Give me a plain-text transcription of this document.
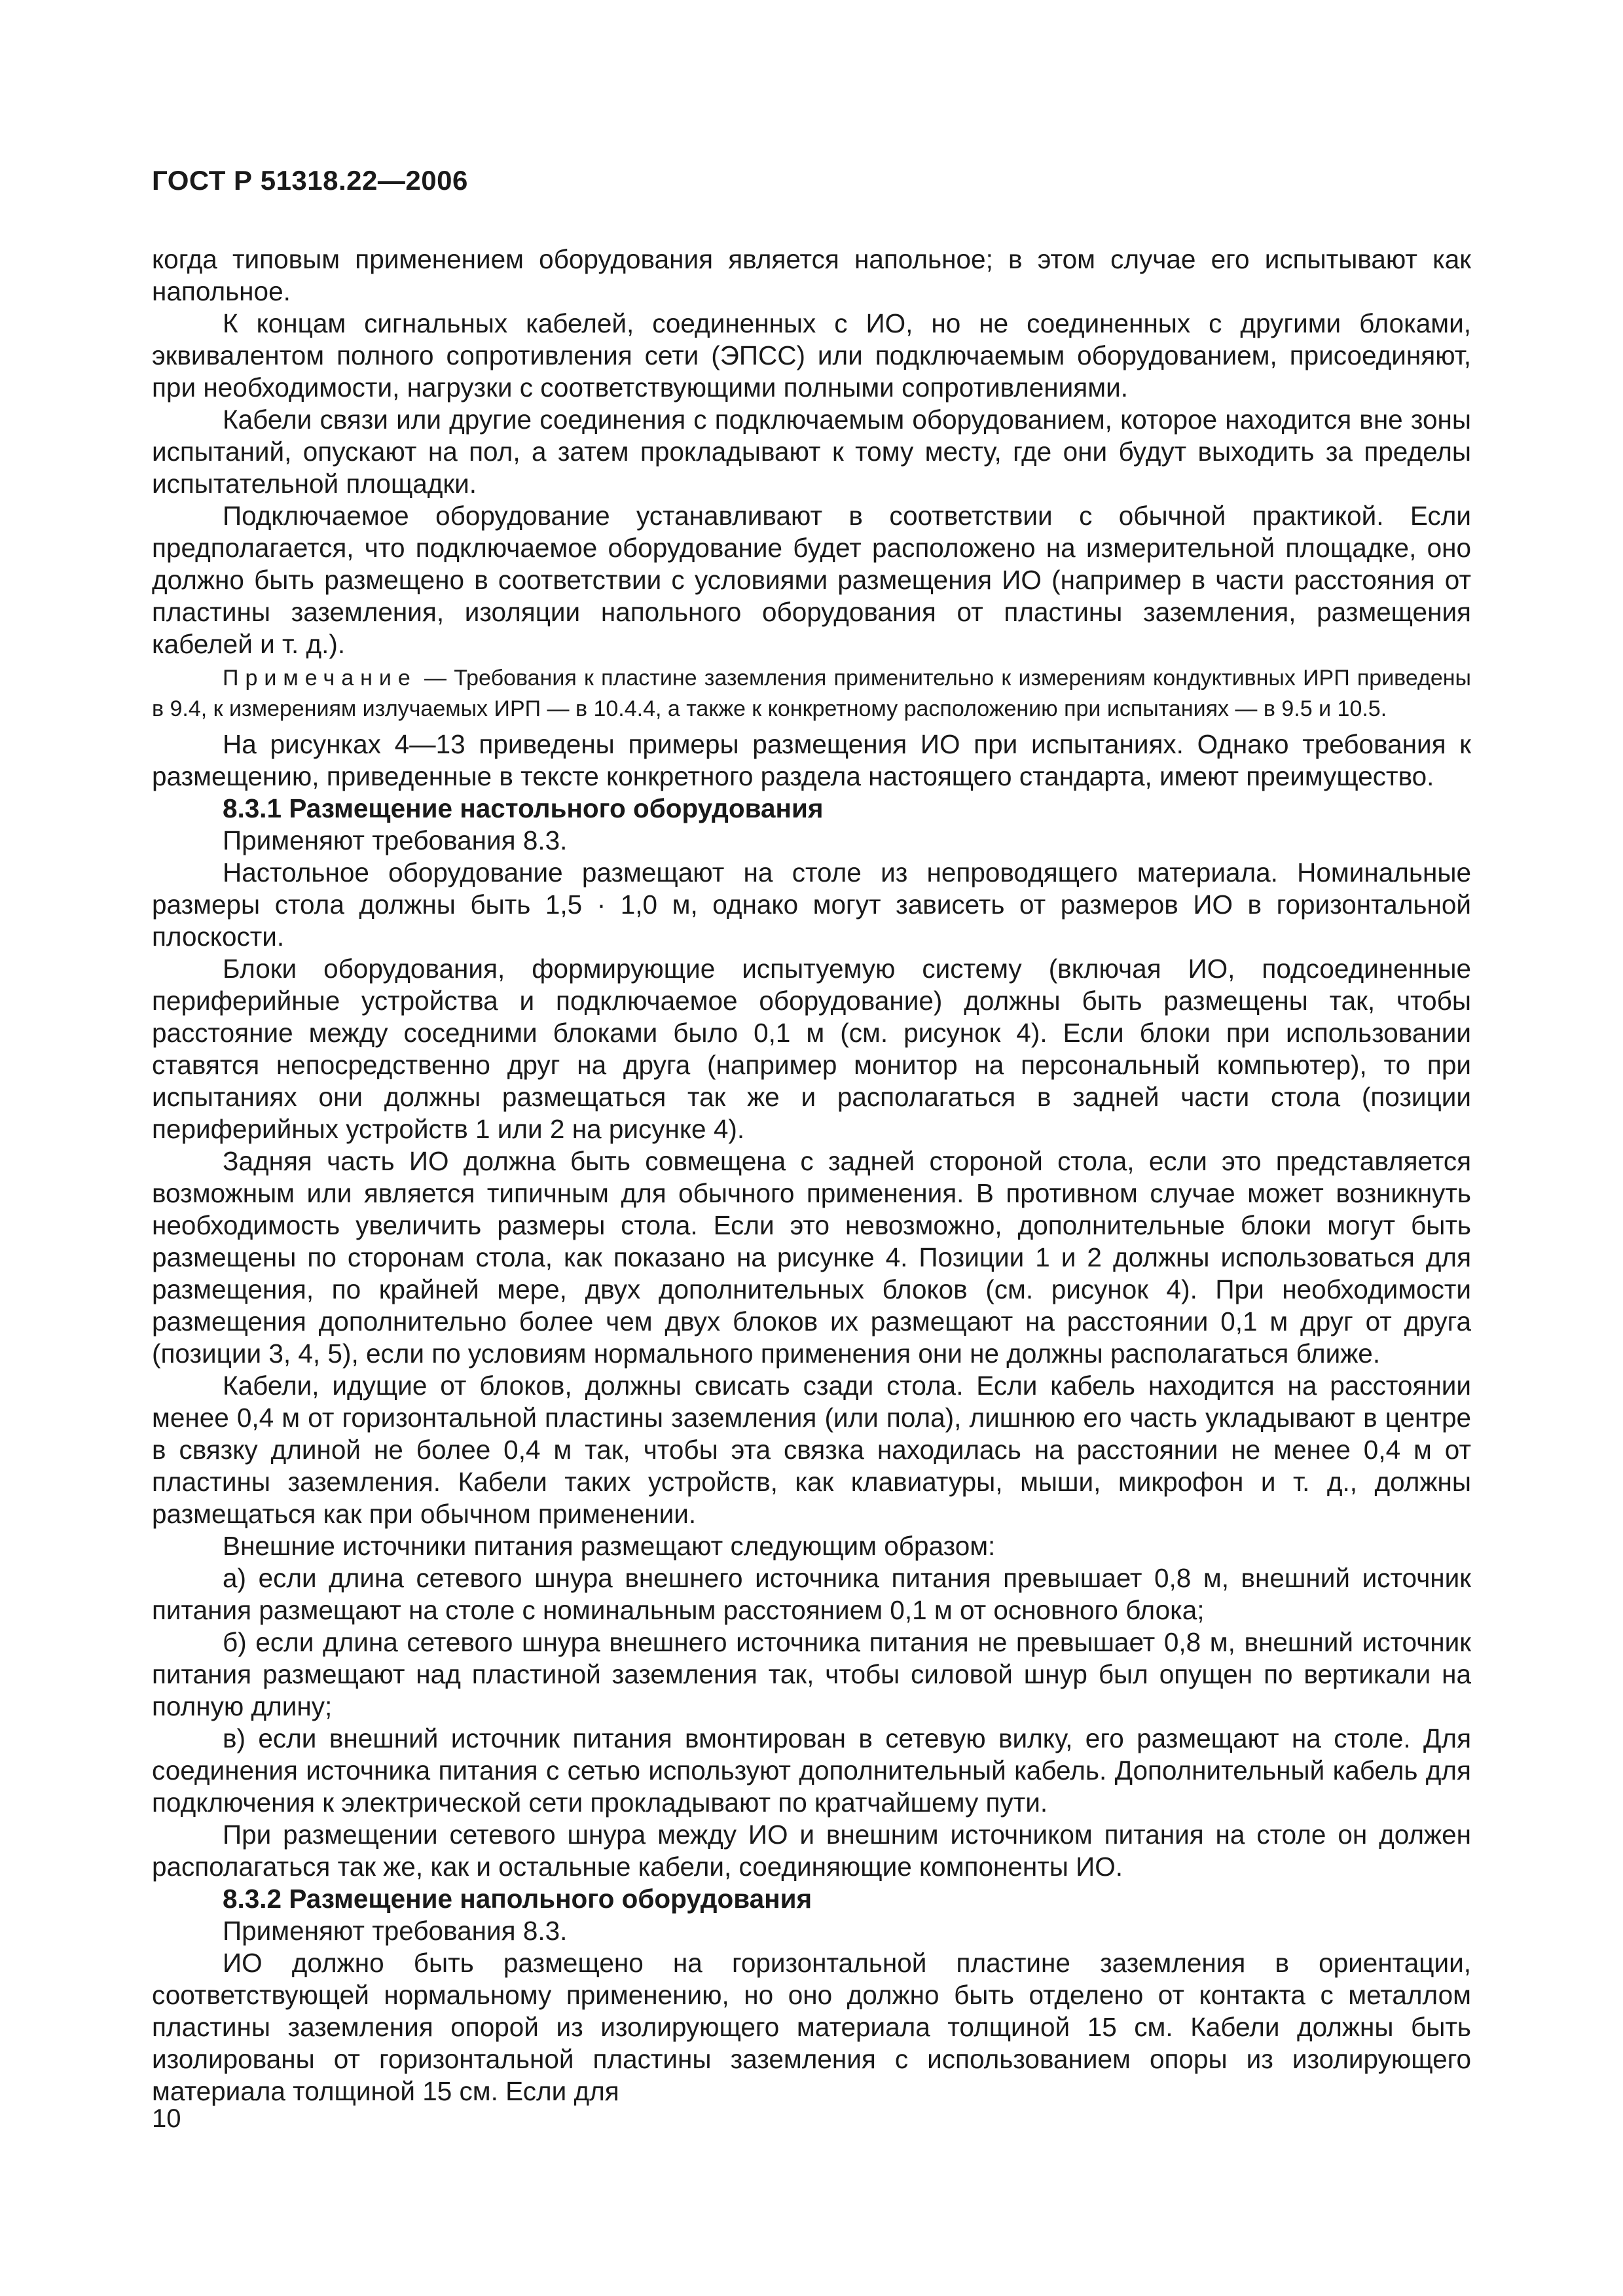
ГОСТ Р 51318.22—2006

когда типовым применением оборудования является напольное; в этом случае его испытывают как напольное.

К концам сигнальных кабелей, соединенных с ИО, но не соединенных с другими блоками, эквивалентом полного сопротивления сети (ЭПСС) или подключаемым оборудованием, присоединяют, при необходимости, нагрузки с соответствующими полными сопротивлениями.

Кабели связи или другие соединения с подключаемым оборудованием, которое находится вне зоны испытаний, опускают на пол, а затем прокладывают к тому месту, где они будут выходить за пределы испытательной площадки.

Подключаемое оборудование устанавливают в соответствии с обычной практикой. Если предполагается, что подключаемое оборудование будет расположено на измерительной площадке, оно должно быть размещено в соответствии с условиями размещения ИО (например в части расстояния от пластины заземления, изоляции напольного оборудования от пластины заземления, размещения кабелей и т. д.).

Примечание — Требования к пластине заземления применительно к измерениям кондуктивных ИРП приведены в 9.4, к измерениям излучаемых ИРП — в 10.4.4, а также к конкретному расположению при испытаниях — в 9.5 и 10.5.

На рисунках 4—13 приведены примеры размещения ИО при испытаниях. Однако требования к размещению, приведенные в тексте конкретного раздела настоящего стандарта, имеют преимущество.

8.3.1 Размещение настольного оборудования

Применяют требования 8.3.

Настольное оборудование размещают на столе из непроводящего материала. Номинальные размеры стола должны быть 1,5 · 1,0 м, однако могут зависеть от размеров ИО в горизонтальной плоскости.

Блоки оборудования, формирующие испытуемую систему (включая ИО, подсоединенные периферийные устройства и подключаемое оборудование) должны быть размещены так, чтобы расстояние между соседними блоками было 0,1 м (см. рисунок 4). Если блоки при использовании ставятся непосредственно друг на друга (например монитор на персональный компьютер), то при испытаниях они должны размещаться так же и располагаться в задней части стола (позиции периферийных устройств 1 или 2 на рисунке 4).

Задняя часть ИО должна быть совмещена с задней стороной стола, если это представляется возможным или является типичным для обычного применения. В противном случае может возникнуть необходимость увеличить размеры стола. Если это невозможно, дополнительные блоки могут быть размещены по сторонам стола, как показано на рисунке 4. Позиции 1 и 2 должны использоваться для размещения, по крайней мере, двух дополнительных блоков (см. рисунок 4). При необходимости размещения дополнительно более чем двух блоков их размещают на расстоянии 0,1 м друг от друга (позиции 3, 4, 5), если по условиям нормального применения они не должны располагаться ближе.

Кабели, идущие от блоков, должны свисать сзади стола. Если кабель находится на расстоянии менее 0,4 м от горизонтальной пластины заземления (или пола), лишнюю его часть укладывают в центре в связку длиной не более 0,4 м так, чтобы эта связка находилась на расстоянии не менее 0,4 м от пластины заземления. Кабели таких устройств, как клавиатуры, мыши, микрофон и т. д., должны размещаться как при обычном применении.

Внешние источники питания размещают следующим образом:

а) если длина сетевого шнура внешнего источника питания превышает 0,8 м, внешний источник питания размещают на столе с номинальным расстоянием 0,1 м от основного блока;

б) если длина сетевого шнура внешнего источника питания не превышает 0,8 м, внешний источник питания размещают над пластиной заземления так, чтобы силовой шнур был опущен по вертикали на полную длину;

в) если внешний источник питания вмонтирован в сетевую вилку, его размещают на столе. Для соединения источника питания с сетью используют дополнительный кабель. Дополнительный кабель для подключения к электрической сети прокладывают по кратчайшему пути.

При размещении сетевого шнура между ИО и внешним источником питания на столе он должен располагаться так же, как и остальные кабели, соединяющие компоненты ИО.

8.3.2 Размещение напольного оборудования

Применяют требования 8.3.

ИО должно быть размещено на горизонтальной пластине заземления в ориентации, соответствующей нормальному применению, но оно должно быть отделено от контакта с металлом пластины заземления опорой из изолирующего материала толщиной 15 см. Кабели должны быть изолированы от горизонтальной пластины заземления с использованием опоры из изолирующего материала толщиной 15 см. Если для

10
